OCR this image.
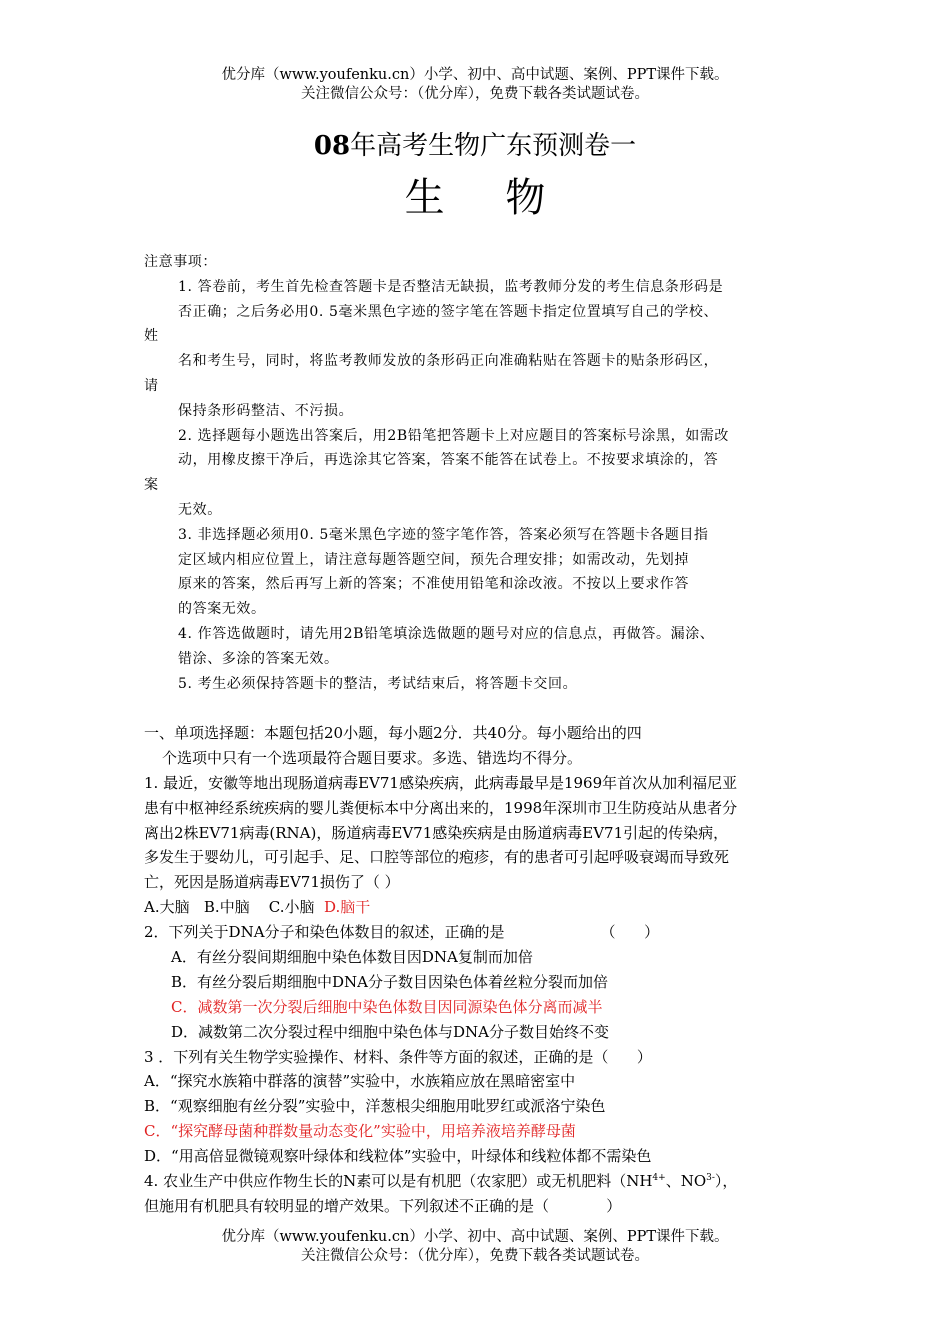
优分库（www.youfenku.cn）小学、初中、高中试题、案例、PPT课件下载。
关注微信公众号：（优分库），免费下载各类试题试卷。
08年高考生物广东预测卷一
生 物
注意事项：
1. 答卷前，考生首先检查答题卡是否整洁无缺损，监考教师分发的考生信息条形码是
否正确；之后务必用0. 5毫米黑色字迹的签字笔在答题卡指定位置填写自己的学校、
姓
名和考生号，同时，将监考教师发放的条形码正向准确粘贴在答题卡的贴条形码区，
请
保持条形码整洁、不污损。
2. 选择题每小题选出答案后，用2B铅笔把答题卡上对应题目的答案标号涂黑，如需改
动，用橡皮擦干净后，再选涂其它答案，答案不能答在试卷上。不按要求填涂的，答
案
无效。
3. 非选择题必须用0. 5毫米黑色字迹的签字笔作答，答案必须写在答题卡各题目指
定区域内相应位置上，请注意每题答题空间，预先合理安排；如需改动，先划掉
原来的答案，然后再写上新的答案；不准使用铅笔和涂改液。不按以上要求作答
的答案无效。
4. 作答选做题时，请先用2B铅笔填涂选做题的题号对应的信息点，再做答。漏涂、
错涂、多涂的答案无效。
5. 考生必须保持答题卡的整洁，考试结束后，将答题卡交回。
一、单项选择题：本题包括20小题，每小题2分．共40分。每小题给出的四
个选项中只有一个选项最符合题目要求。多选、错选均不得分。
1. 最近，安徽等地出现肠道病毒EV71感染疾病，此病毒最早是1969年首次从加利福尼亚
患有中枢神经系统疾病的婴儿粪便标本中分离出来的，1998年深圳市卫生防疫站从患者分
离出2株EV71病毒(RNA)，肠道病毒EV71感染疾病是由肠道病毒EV71引起的传染病，
多发生于婴幼儿，可引起手、足、口腔等部位的疱疹，有的患者可引起呼吸衰竭而导致死
亡，死因是肠道病毒EV71损伤了（ ）
A.大脑   B.中脑    C.小脑  D.脑干
2．下列关于DNA分子和染色体数目的叙述，正确的是	（      ）
A．有丝分裂间期细胞中染色体数目因DNA复制而加倍
B．有丝分裂后期细胞中DNA分子数目因染色体着丝粒分裂而加倍
C．减数第一次分裂后细胞中染色体数目因同源染色体分离而减半
D．减数第二次分裂过程中细胞中染色体与DNA分子数目始终不变
3 ．下列有关生物学实验操作、材料、条件等方面的叙述，正确的是（      ）
A．“探究水族箱中群落的演替”实验中，水族箱应放在黑暗密室中
B．“观察细胞有丝分裂”实验中，洋葱根尖细胞用吡罗红或派洛宁染色
C．“探究酵母菌种群数量动态变化”实验中，用培养液培养酵母菌
D．“用高倍显微镜观察叶绿体和线粒体”实验中，叶绿体和线粒体都不需染色
4. 农业生产中供应作物生长的N素可以是有机肥（农家肥）或无机肥料（$NH^{4+}$、$NO^{3-}$），
但施用有机肥具有较明显的增产效果。下列叙述不正确的是（            ）
优分库（www.youfenku.cn）小学、初中、高中试题、案例、PPT课件下载。
关注微信公众号：（优分库），免费下载各类试题试卷。
